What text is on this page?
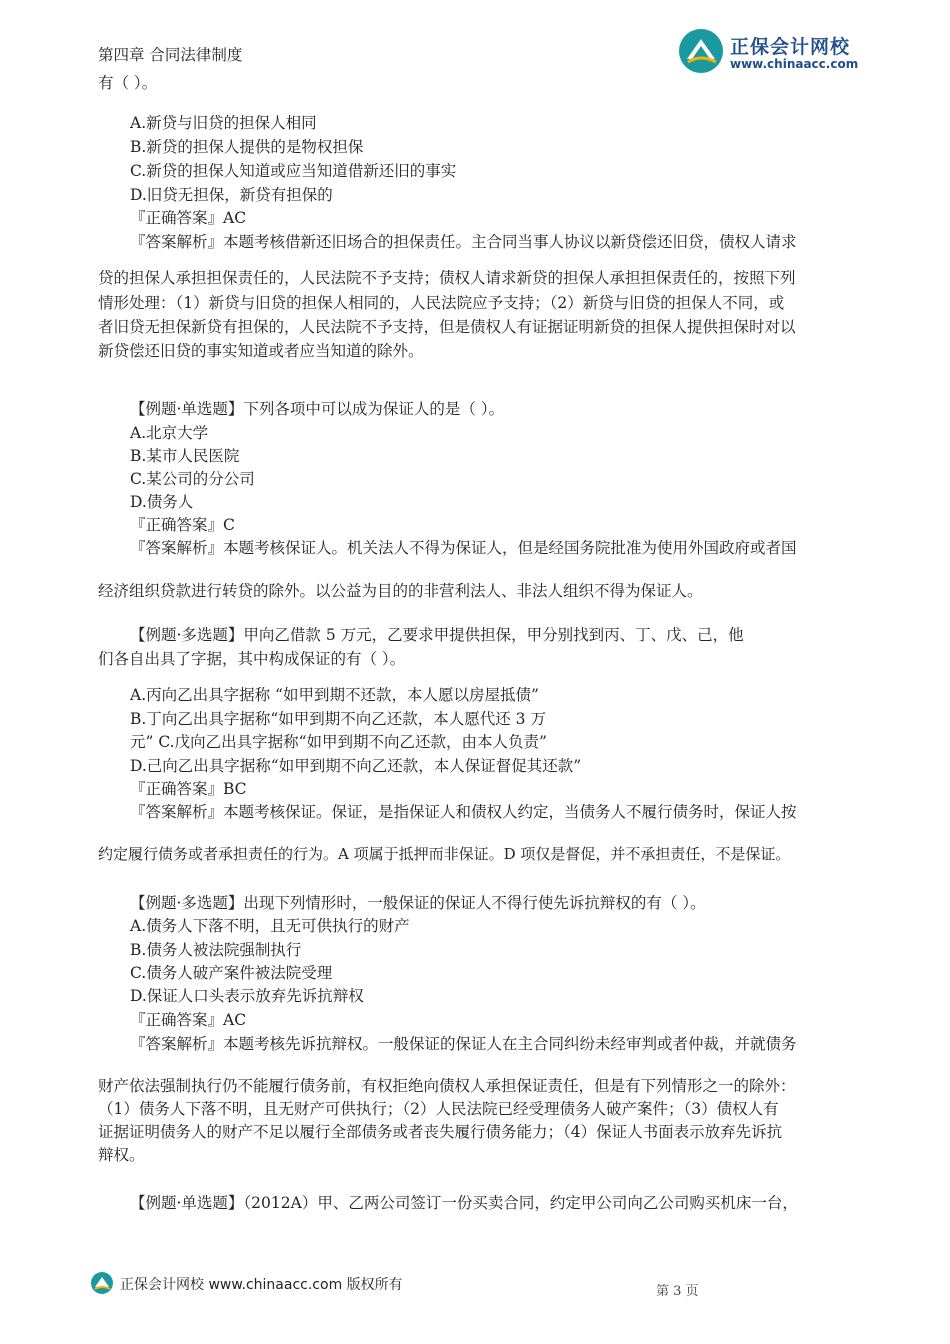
正保会计网校
www.chinaacc.com
第四章 合同法律制度
有（ ）。
A.新贷与旧贷的担保人相同
B.新贷的担保人提供的是物权担保
C.新贷的担保人知道或应当知道借新还旧的事实
D.旧贷无担保，新贷有担保的
『正确答案』AC
『答案解析』本题考核借新还旧场合的担保责任。主合同当事人协议以新贷偿还旧贷，债权人请求
贷的担保人承担担保责任的，人民法院不予支持；债权人请求新贷的担保人承担担保责任的，按照下列
情形处理：（1）新贷与旧贷的担保人相同的，人民法院应予支持；（2）新贷与旧贷的担保人不同，或
者旧贷无担保新贷有担保的，人民法院不予支持，但是债权人有证据证明新贷的担保人提供担保时对以
新贷偿还旧贷的事实知道或者应当知道的除外。
【例题·单选题】下列各项中可以成为保证人的是（ ）。
A.北京大学
B.某市人民医院
C.某公司的分公司
D.债务人
『正确答案』C
『答案解析』本题考核保证人。机关法人不得为保证人，但是经国务院批准为使用外国政府或者国
经济组织贷款进行转贷的除外。以公益为目的的非营利法人、非法人组织不得为保证人。
【例题·多选题】甲向乙借款 5 万元，乙要求甲提供担保，甲分别找到丙、丁、戊、己，他
们各自出具了字据，其中构成保证的有（ ）。
A.丙向乙出具字据称 “如甲到期不还款，本人愿以房屋抵债”
B.丁向乙出具字据称“如甲到期不向乙还款，本人愿代还 3 万
元” C.戊向乙出具字据称“如甲到期不向乙还款，由本人负责”
D.己向乙出具字据称“如甲到期不向乙还款，本人保证督促其还款”
『正确答案』BC
『答案解析』本题考核保证。保证，是指保证人和债权人约定，当债务人不履行债务时，保证人按
约定履行债务或者承担责任的行为。A 项属于抵押而非保证。D 项仅是督促，并不承担责任，不是保证。
【例题·多选题】出现下列情形时，一般保证的保证人不得行使先诉抗辩权的有（ ）。
A.债务人下落不明，且无可供执行的财产
B.债务人被法院强制执行
C.债务人破产案件被法院受理
D.保证人口头表示放弃先诉抗辩权
『正确答案』AC
『答案解析』本题考核先诉抗辩权。一般保证的保证人在主合同纠纷未经审判或者仲裁，并就债务
财产依法强制执行仍不能履行债务前，有权拒绝向债权人承担保证责任，但是有下列情形之一的除外：
（1）债务人下落不明，且无财产可供执行；（2）人民法院已经受理债务人破产案件；（3）债权人有
证据证明债务人的财产不足以履行全部债务或者丧失履行债务能力；（4）保证人书面表示放弃先诉抗
辩权。
【例题·单选题】（2012A）甲、乙两公司签订一份买卖合同，约定甲公司向乙公司购买机床一台，
正保会计网校 www.chinaacc.com 版权所有	第 3 页
